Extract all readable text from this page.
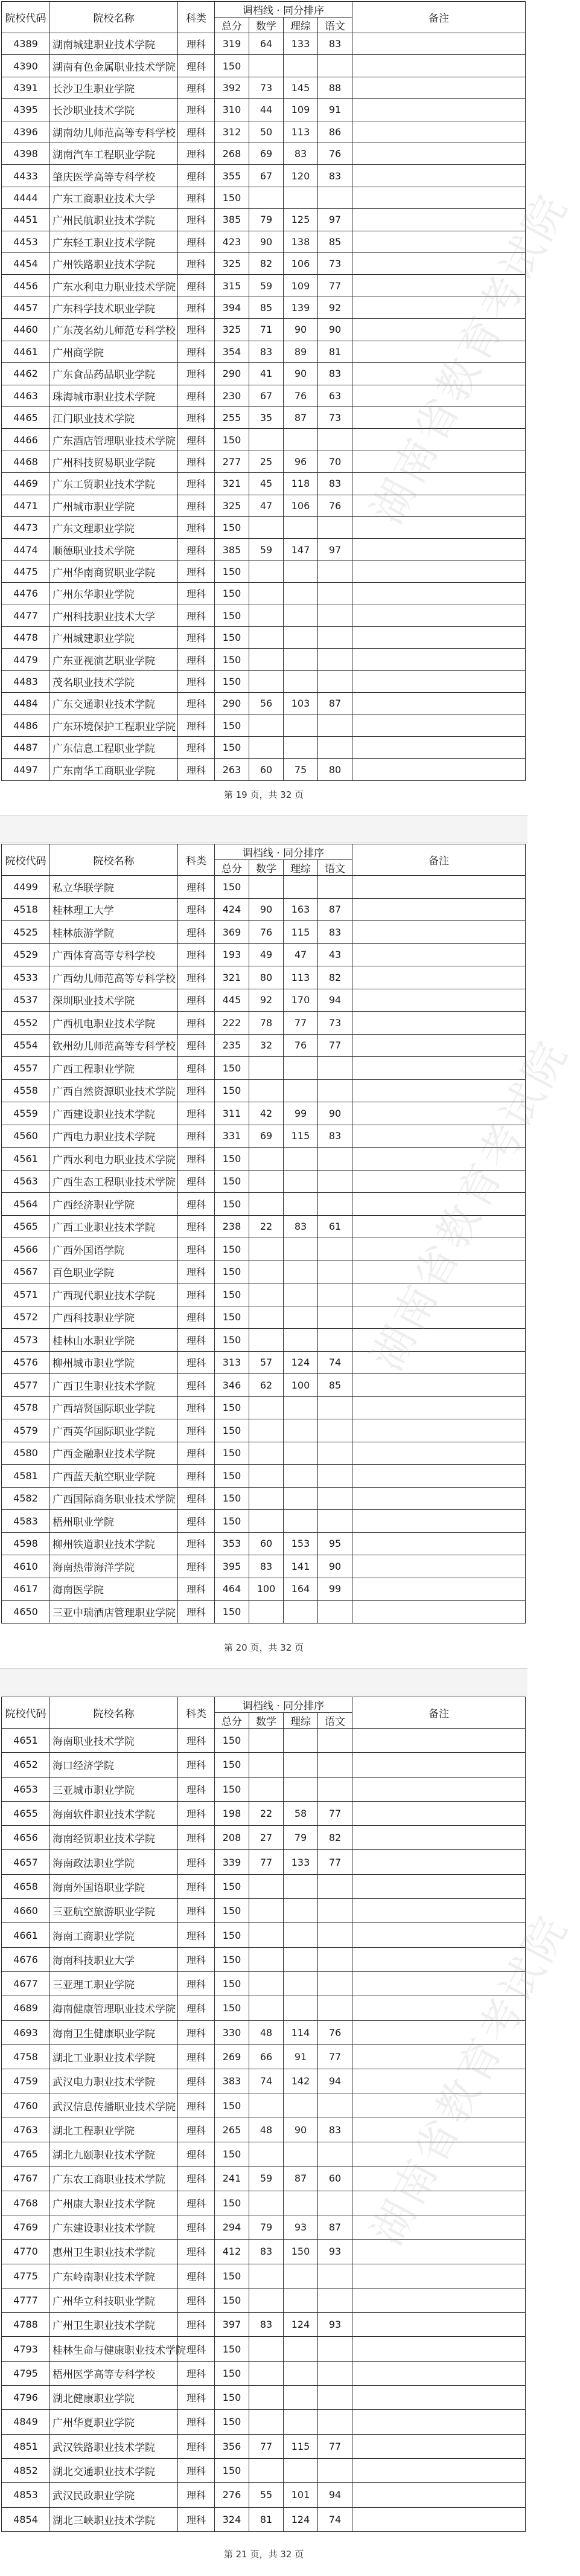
院校代码	院校名称	科类	调档线 · 同分排序				备注
			总分	数学	理综	语文	
4389	湖南城建职业技术学院	理科	319	64	133	83	
4390	湖南有色金属职业技术学院	理科	150				
4391	长沙卫生职业学院	理科	392	73	145	88	
4395	长沙职业技术学院	理科	310	44	109	91	
4396	湖南幼儿师范高等专科学校	理科	312	50	113	86	
4398	湖南汽车工程职业学院	理科	268	69	83	76	
4433	肇庆医学高等专科学校	理科	355	67	120	83	
4444	广东工商职业技术大学	理科	150				
4451	广州民航职业技术学院	理科	385	79	125	97	
4453	广东轻工职业技术学院	理科	423	90	138	85	
4454	广州铁路职业技术学院	理科	325	82	106	73	
4456	广东水利电力职业技术学院	理科	315	59	109	77	
4457	广东科学技术职业学院	理科	394	85	139	92	
4460	广东茂名幼儿师范专科学校	理科	325	71	90	90	
4461	广州商学院	理科	354	83	89	81	
4462	广东食品药品职业学院	理科	290	41	90	83	
4463	珠海城市职业技术学院	理科	230	67	76	63	
4465	江门职业技术学院	理科	255	35	87	73	
4466	广东酒店管理职业技术学院	理科	150				
4468	广州科技贸易职业学院	理科	277	25	96	70	
4469	广东工贸职业技术学院	理科	321	45	118	83	
4471	广州城市职业学院	理科	325	47	106	76	
4473	广东文理职业学院	理科	150				
4474	顺德职业技术学院	理科	385	59	147	97	
4475	广州华南商贸职业学院	理科	150				
4476	广州东华职业学院	理科	150				
4477	广州科技职业技术大学	理科	150				
4478	广州城建职业学院	理科	150				
4479	广东亚视演艺职业学院	理科	150				
4483	茂名职业技术学院	理科	150				
4484	广东交通职业技术学院	理科	290	56	103	87	
4486	广东环境保护工程职业学院	理科	150				
4487	广东信息工程职业学院	理科	150				
4497	广东南华工商职业学院	理科	263	60	75	80	
湖南省教育考试院
第 19 页，共 32 页
院校代码	院校名称	科类	调档线 · 同分排序				备注
			总分	数学	理综	语文	
4499	私立华联学院	理科	150				
4518	桂林理工大学	理科	424	90	163	87	
4525	桂林旅游学院	理科	369	76	115	83	
4529	广西体育高等专科学校	理科	193	49	47	43	
4533	广西幼儿师范高等专科学校	理科	321	80	113	82	
4537	深圳职业技术学院	理科	445	92	170	94	
4552	广西机电职业技术学院	理科	222	78	77	73	
4554	钦州幼儿师范高等专科学校	理科	235	32	76	77	
4557	广西工程职业学院	理科	150				
4558	广西自然资源职业技术学院	理科	150				
4559	广西建设职业技术学院	理科	311	42	99	90	
4560	广西电力职业技术学院	理科	331	69	115	83	
4561	广西水利电力职业技术学院	理科	150				
4563	广西生态工程职业技术学院	理科	150				
4564	广西经济职业学院	理科	150				
4565	广西工业职业技术学院	理科	238	22	83	61	
4566	广西外国语学院	理科	150				
4567	百色职业学院	理科	150				
4571	广西现代职业技术学院	理科	150				
4572	广西科技职业学院	理科	150				
4573	桂林山水职业学院	理科	150				
4576	柳州城市职业学院	理科	313	57	124	74	
4577	广西卫生职业技术学院	理科	346	62	100	85	
4578	广西培贤国际职业学院	理科	150				
4579	广西英华国际职业学院	理科	150				
4580	广西金融职业技术学院	理科	150				
4581	广西蓝天航空职业学院	理科	150				
4582	广西国际商务职业技术学院	理科	150				
4583	梧州职业学院	理科	150				
4598	柳州铁道职业技术学院	理科	353	60	153	95	
4610	海南热带海洋学院	理科	395	83	141	90	
4617	海南医学院	理科	464	100	164	99	
4650	三亚中瑞酒店管理职业学院	理科	150				
湖南省教育考试院
第 20 页，共 32 页
院校代码	院校名称	科类	调档线 · 同分排序				备注
			总分	数学	理综	语文	
4651	海南职业技术学院	理科	150				
4652	海口经济学院	理科	150				
4653	三亚城市职业学院	理科	150				
4655	海南软件职业技术学院	理科	198	22	58	77	
4656	海南经贸职业技术学院	理科	208	27	79	82	
4657	海南政法职业学院	理科	339	77	133	77	
4658	海南外国语职业学院	理科	150				
4660	三亚航空旅游职业学院	理科	150				
4661	海南工商职业学院	理科	150				
4676	海南科技职业大学	理科	150				
4677	三亚理工职业学院	理科	150				
4689	海南健康管理职业技术学院	理科	150				
4693	海南卫生健康职业学院	理科	330	48	114	76	
4758	湖北工业职业技术学院	理科	269	66	91	77	
4759	武汉电力职业技术学院	理科	383	74	142	94	
4760	武汉信息传播职业技术学院	理科	150				
4763	湖北工程职业学院	理科	265	48	90	83	
4765	湖北九颐职业技术学院	理科	150				
4767	广东农工商职业技术学院	理科	241	59	87	60	
4768	广州康大职业技术学院	理科	150				
4769	广东建设职业技术学院	理科	294	79	93	87	
4770	惠州卫生职业技术学院	理科	412	83	150	93	
4775	广东岭南职业技术学院	理科	150				
4777	广州华立科技职业学院	理科	150				
4788	广州卫生职业技术学院	理科	397	83	124	93	
4793	桂林生命与健康职业技术学院	理科	150				
4795	梧州医学高等专科学校	理科	150				
4796	湖北健康职业学院	理科	150				
4849	广州华夏职业学院	理科	150				
4851	武汉铁路职业技术学院	理科	356	77	115	77	
4852	湖北交通职业技术学院	理科	150				
4853	武汉民政职业学院	理科	276	55	101	94	
4854	湖北三峡职业技术学院	理科	324	81	124	74	
湖南省教育考试院
第 21 页，共 32 页
